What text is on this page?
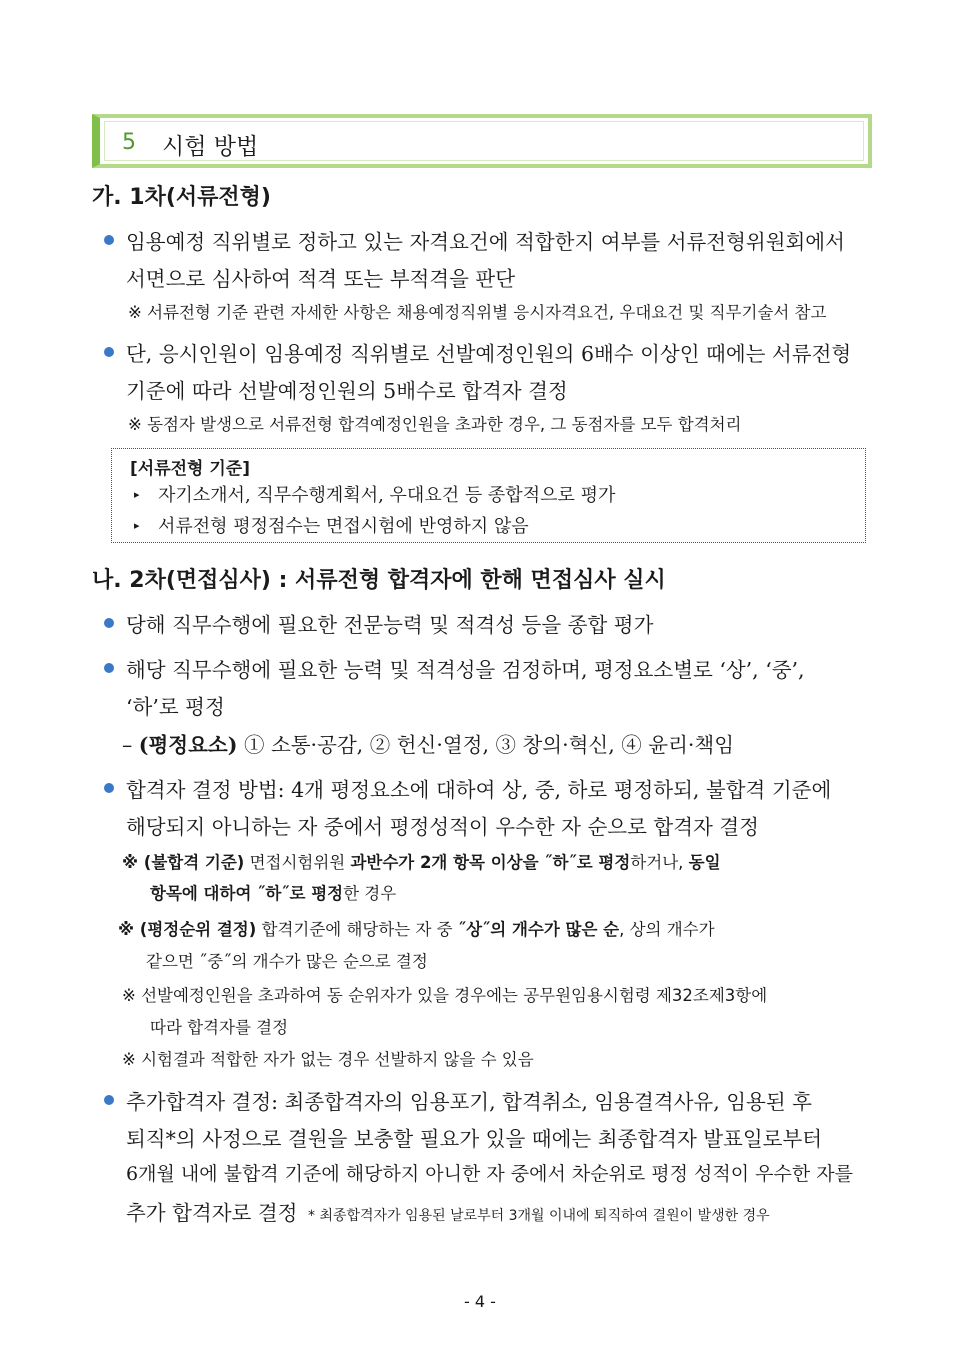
5 시험 방법
가. 1차(서류전형)
임용예정 직위별로 정하고 있는 자격요건에 적합한지 여부를 서류전형위원회에서
서면으로 심사하여 적격 또는 부적격을 판단
※ 서류전형 기준 관련 자세한 사항은 채용예정직위별 응시자격요건, 우대요건 및 직무기술서 참고
단, 응시인원이 임용예정 직위별로 선발예정인원의 6배수 이상인 때에는 서류전형
기준에 따라 선발예정인원의 5배수로 합격자 결정
※ 동점자 발생으로 서류전형 합격예정인원을 초과한 경우, 그 동점자를 모두 합격처리
[서류전형 기준]
▸ 자기소개서, 직무수행계획서, 우대요건 등 종합적으로 평가
▸ 서류전형 평정점수는 면접시험에 반영하지 않음
나. 2차(면접심사) : 서류전형 합격자에 한해 면접심사 실시
당해 직무수행에 필요한 전문능력 및 적격성 등을 종합 평가
해당 직무수행에 필요한 능력 및 적격성을 검정하며, 평정요소별로 ‘상’, ‘중’,
‘하’로 평정
– (평정요소) ① 소통·공감, ② 헌신·열정, ③ 창의·혁신, ④ 윤리·책임
합격자 결정 방법: 4개 평정요소에 대하여 상, 중, 하로 평정하되, 불합격 기준에
해당되지 아니하는 자 중에서 평정성적이 우수한 자 순으로 합격자 결정
※ (불합격 기준) 면접시험위원 과반수가 2개 항목 이상을 ˝하˝로 평정하거나, 동일
항목에 대하여 ˝하˝로 평정한 경우
※ (평정순위 결정) 합격기준에 해당하는 자 중 ˝상˝의 개수가 많은 순, 상의 개수가
같으면 ˝중˝의 개수가 많은 순으로 결정
※ 선발예정인원을 초과하여 동 순위자가 있을 경우에는 공무원임용시험령 제32조제3항에
따라 합격자를 결정
※ 시험결과 적합한 자가 없는 경우 선발하지 않을 수 있음
추가합격자 결정: 최종합격자의 임용포기, 합격취소, 임용결격사유, 임용된 후
퇴직*의 사정으로 결원을 보충할 필요가 있을 때에는 최종합격자 발표일로부터
6개월 내에 불합격 기준에 해당하지 아니한 자 중에서 차순위로 평정 성적이 우수한 자를
추가 합격자로 결정 * 최종합격자가 임용된 날로부터 3개월 이내에 퇴직하여 결원이 발생한 경우
- 4 -
